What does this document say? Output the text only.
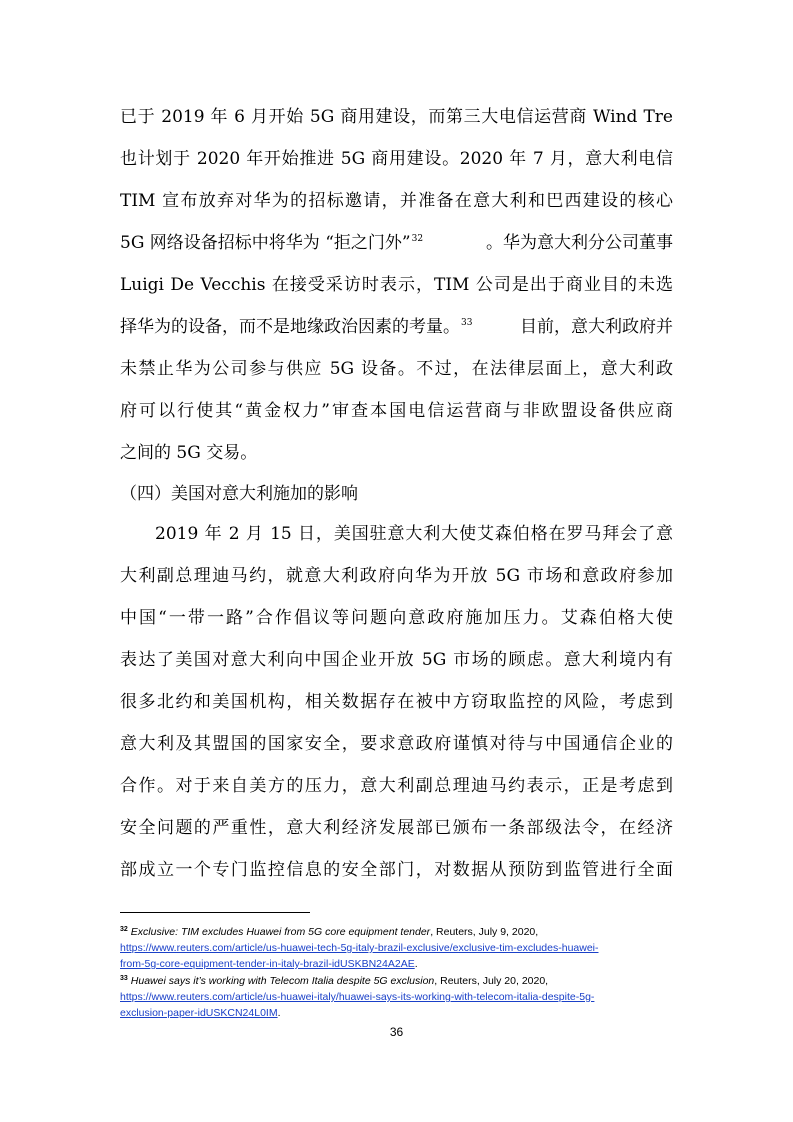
已于 2019 年 6 月开始 5G 商用建设，而第三大电信运营商 Wind Tre
也计划于 2020 年开始推进 5G 商用建设。2020 年 7 月，意大利电信
TIM 宣布放弃对华为的招标邀请，并准备在意大利和巴西建设的核心
5G 网络设备招标中将华为 “拒之门外”$^{32}$	。华为意大利分公司董事
Luigi De Vecchis 在接受采访时表示，TIM 公司是出于商业目的未选
择华为的设备，而不是地缘政治因素的考量。$^{33}$	目前，意大利政府并
未禁止华为公司参与供应 5G 设备。不过，在法律层面上，意大利政
府可以行使其“黄金权力”审查本国电信运营商与非欧盟设备供应商
之间的 5G 交易。
（四）美国对意大利施加的影响
2019 年 2 月 15 日，美国驻意大利大使艾森伯格在罗马拜会了意
大利副总理迪马约，就意大利政府向华为开放 5G 市场和意政府参加
中国“一带一路”合作倡议等问题向意政府施加压力。艾森伯格大使
表达了美国对意大利向中国企业开放 5G 市场的顾虑。意大利境内有
很多北约和美国机构，相关数据存在被中方窃取监控的风险，考虑到
意大利及其盟国的国家安全，要求意政府谨慎对待与中国通信企业的
合作。对于来自美方的压力，意大利副总理迪马约表示，正是考虑到
安全问题的严重性，意大利经济发展部已颁布一条部级法令，在经济
部成立一个专门监控信息的安全部门，对数据从预防到监管进行全面
$^{32}$ Exclusive: TIM excludes Huawei from 5G core equipment tender, Reuters, July 9, 2020,
https://www.reuters.com/article/us-huawei-tech-5g-italy-brazil-exclusive/exclusive-tim-excludes-huawei-
from-5g-core-equipment-tender-in-italy-brazil-idUSKBN24A2AE.
$^{33}$ Huawei says it’s working with Telecom Italia despite 5G exclusion, Reuters, July 20, 2020,
https://www.reuters.com/article/us-huawei-italy/huawei-says-its-working-with-telecom-italia-despite-5g-
exclusion-paper-idUSKCN24L0IM.
36
